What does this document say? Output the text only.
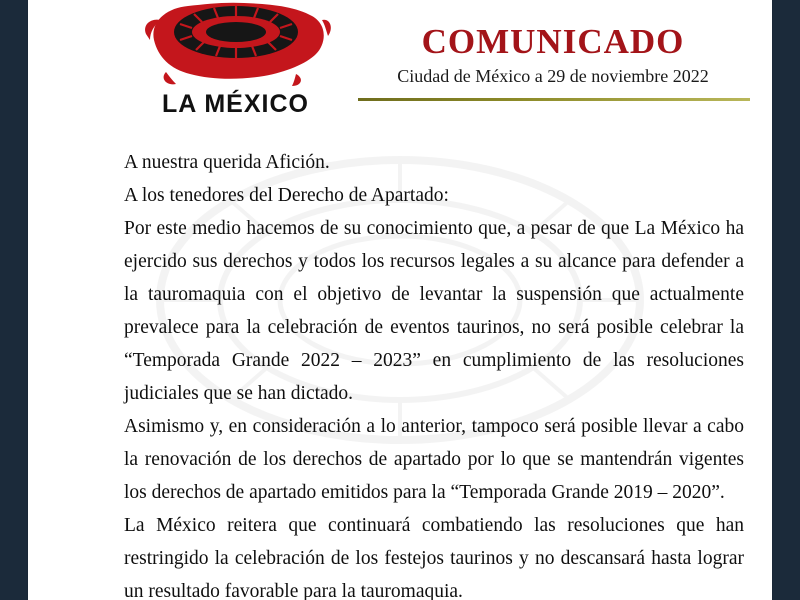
LA MÉXICO
COMUNICADO
Ciudad de México a 29 de noviembre 2022

A nuestra querida Afición.

A los tenedores del Derecho de Apartado:

Por este medio hacemos de su conocimiento que, a pesar de que La México ha ejercido sus derechos y todos los recursos legales a su alcance para defender a la tauromaquia con el objetivo de levantar la suspensión que actualmente prevalece para la celebración de eventos taurinos, no será posible celebrar la “Temporada Grande 2022 – 2023” en cumplimiento de las resoluciones judiciales que se han dictado.

Asimismo y, en consideración a lo anterior, tampoco será posible llevar a cabo la renovación de los derechos de apartado por lo que se mantendrán vigentes los derechos de apartado emitidos para la “Temporada Grande 2019 – 2020”.

La México reitera que continuará combatiendo las resoluciones que han restringido la celebración de los festejos taurinos y no descansará hasta lograr un resultado favorable para la tauromaquia.
